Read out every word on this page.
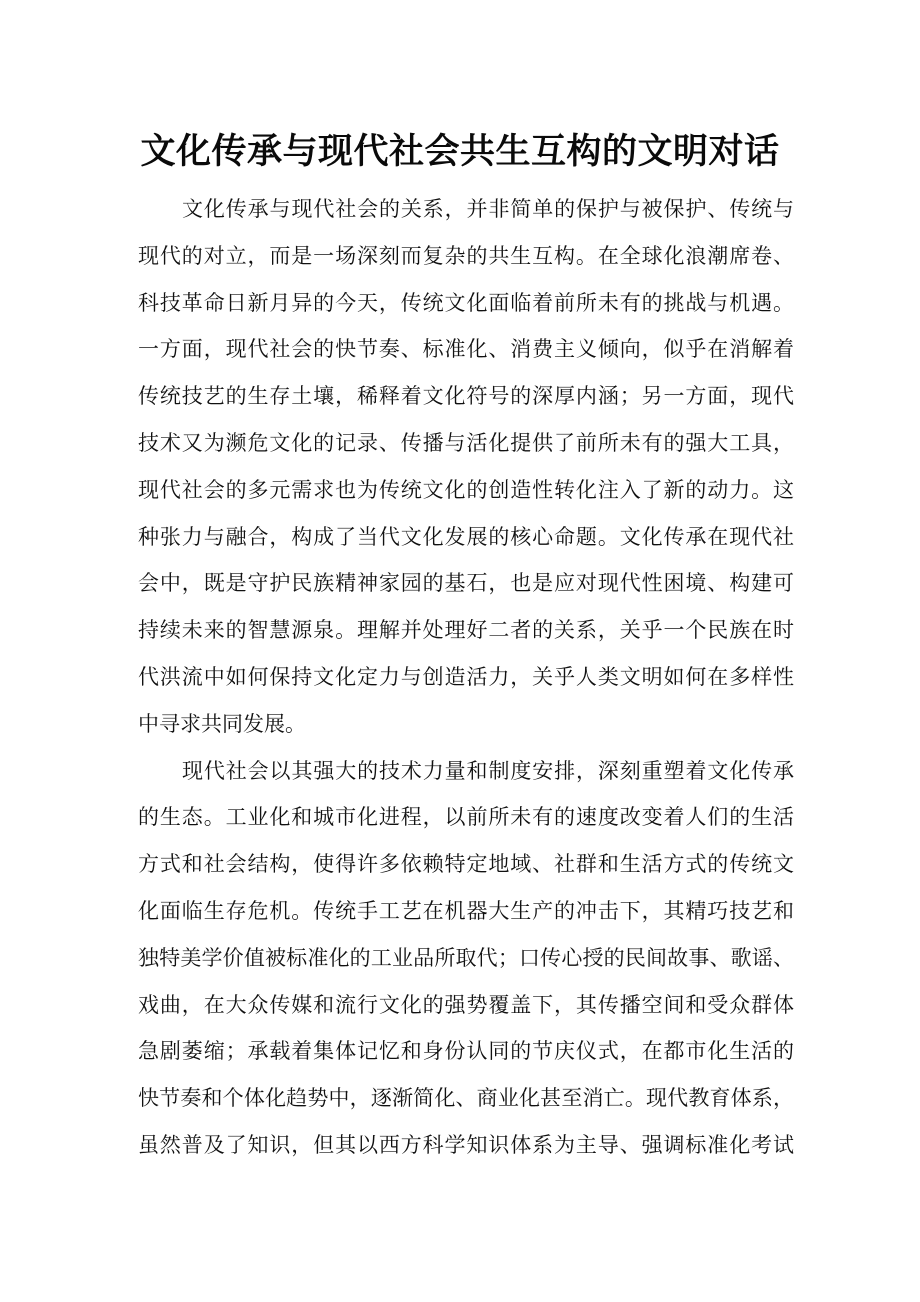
文化传承与现代社会共生互构的文明对话

文化传承与现代社会的关系，并非简单的保护与被保护、传统与
现代的对立，而是一场深刻而复杂的共生互构。在全球化浪潮席卷、
科技革命日新月异的今天，传统文化面临着前所未有的挑战与机遇。
一方面，现代社会的快节奏、标准化、消费主义倾向，似乎在消解着
传统技艺的生存土壤，稀释着文化符号的深厚内涵；另一方面，现代
技术又为濒危文化的记录、传播与活化提供了前所未有的强大工具，
现代社会的多元需求也为传统文化的创造性转化注入了新的动力。这
种张力与融合，构成了当代文化发展的核心命题。文化传承在现代社
会中，既是守护民族精神家园的基石，也是应对现代性困境、构建可
持续未来的智慧源泉。理解并处理好二者的关系，关乎一个民族在时
代洪流中如何保持文化定力与创造活力，关乎人类文明如何在多样性
中寻求共同发展。

现代社会以其强大的技术力量和制度安排，深刻重塑着文化传承
的生态。工业化和城市化进程，以前所未有的速度改变着人们的生活
方式和社会结构，使得许多依赖特定地域、社群和生活方式的传统文
化面临生存危机。传统手工艺在机器大生产的冲击下，其精巧技艺和
独特美学价值被标准化的工业品所取代；口传心授的民间故事、歌谣、
戏曲，在大众传媒和流行文化的强势覆盖下，其传播空间和受众群体
急剧萎缩；承载着集体记忆和身份认同的节庆仪式，在都市化生活的
快节奏和个体化趋势中，逐渐简化、商业化甚至消亡。现代教育体系，
虽然普及了知识，但其以西方科学知识体系为主导、强调标准化考试
